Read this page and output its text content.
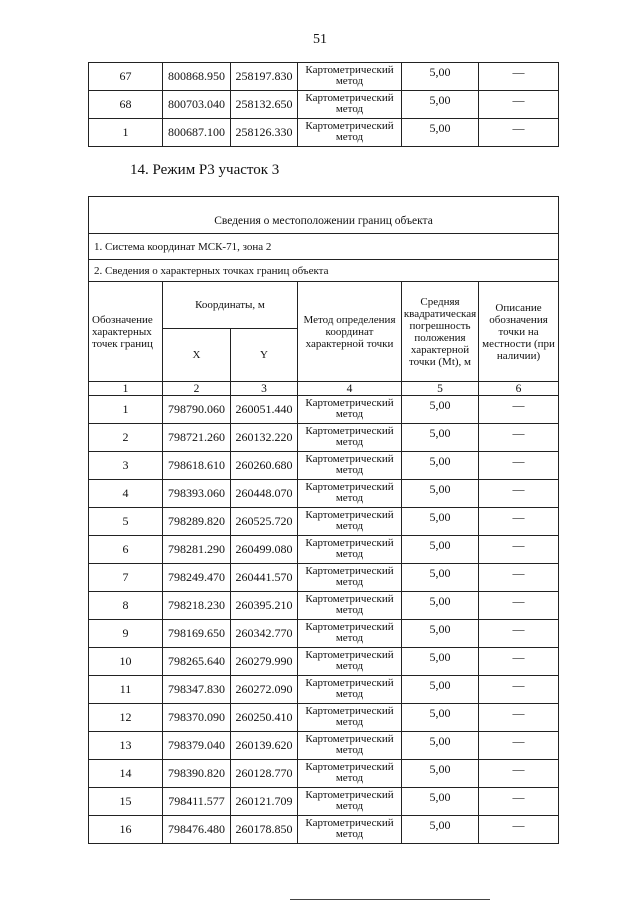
51
67	800868.950	258197.830	Картометрический метод	5,00	—
68	800703.040	258132.650	Картометрический метод	5,00	—
1	800687.100	258126.330	Картометрический метод	5,00	—
14. Режим Р3 участок 3
Сведения о местоположении границ объекта					
1. Система координат МСК-71, зона 2					
2. Сведения о характерных точках границ объекта					
Обозначение характерных точек границ	Координаты, м		Метод определения координат характерной точки	Средняя квадратическая погрешность положения характерной точки (Mt), м	Описание обозначения точки на местности (при наличии)
	X	Y			
1	2	3	4	5	6
1	798790.060	260051.440	Картометрический метод	5,00	—
2	798721.260	260132.220	Картометрический метод	5,00	—
3	798618.610	260260.680	Картометрический метод	5,00	—
4	798393.060	260448.070	Картометрический метод	5,00	—
5	798289.820	260525.720	Картометрический метод	5,00	—
6	798281.290	260499.080	Картометрический метод	5,00	—
7	798249.470	260441.570	Картометрический метод	5,00	—
8	798218.230	260395.210	Картометрический метод	5,00	—
9	798169.650	260342.770	Картометрический метод	5,00	—
10	798265.640	260279.990	Картометрический метод	5,00	—
11	798347.830	260272.090	Картометрический метод	5,00	—
12	798370.090	260250.410	Картометрический метод	5,00	—
13	798379.040	260139.620	Картометрический метод	5,00	—
14	798390.820	260128.770	Картометрический метод	5,00	—
15	798411.577	260121.709	Картометрический метод	5,00	—
16	798476.480	260178.850	Картометрический метод	5,00	—
